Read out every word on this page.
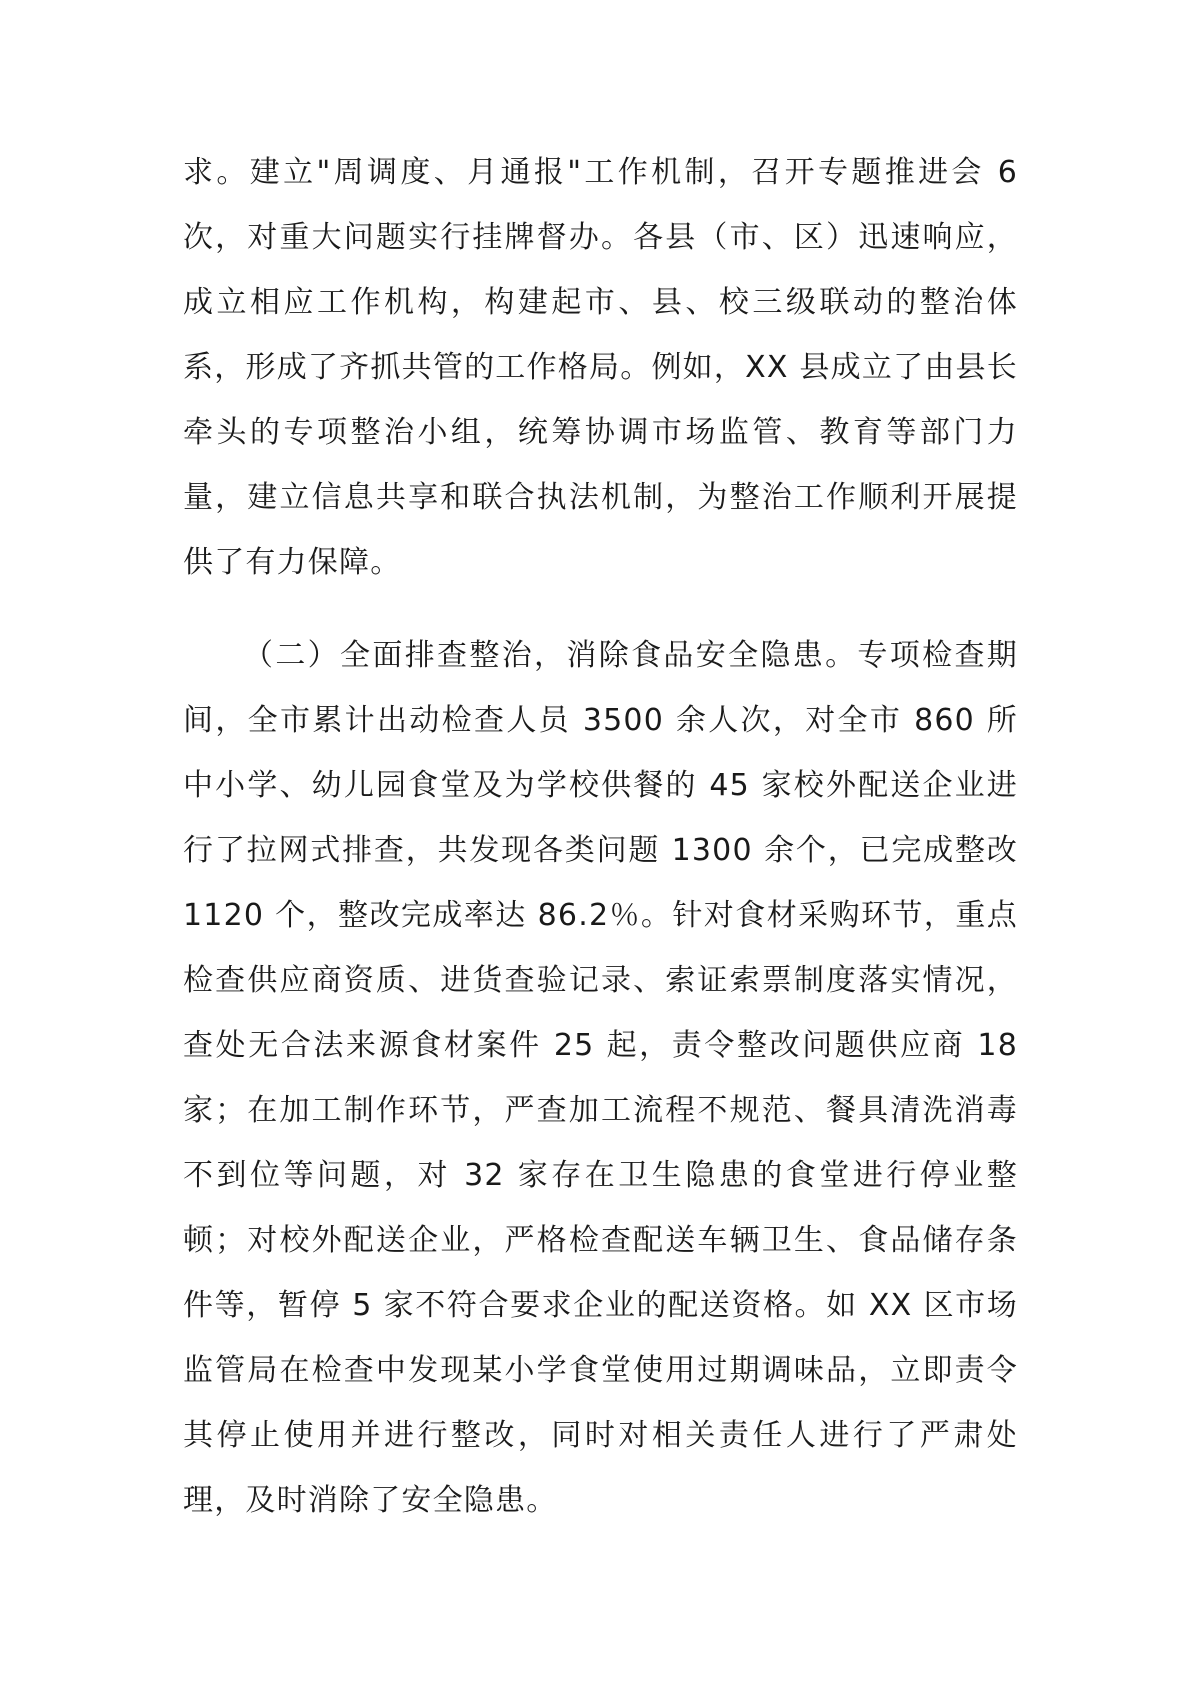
求。建立"周调度、月通报"工作机制，召开专题推进会 6 次，对重大问题实行挂牌督办。各县（市、区）迅速响应，成立相应工作机构，构建起市、县、校三级联动的整治体系，形成了齐抓共管的工作格局。例如，XX 县成立了由县长牵头的专项整治小组，统筹协调市场监管、教育等部门力量，建立信息共享和联合执法机制，为整治工作顺利开展提供了有力保障。

（二）全面排查整治，消除食品安全隐患。专项检查期间，全市累计出动检查人员 3500 余人次，对全市 860 所中小学、幼儿园食堂及为学校供餐的 45 家校外配送企业进行了拉网式排查，共发现各类问题 1300 余个，已完成整改 1120 个，整改完成率达 86.2％。针对食材采购环节，重点检查供应商资质、进货查验记录、索证索票制度落实情况，查处无合法来源食材案件 25 起，责令整改问题供应商 18 家；在加工制作环节，严查加工流程不规范、餐具清洗消毒不到位等问题，对 32 家存在卫生隐患的食堂进行停业整顿；对校外配送企业，严格检查配送车辆卫生、食品储存条件等，暂停 5 家不符合要求企业的配送资格。如 XX 区市场监管局在检查中发现某小学食堂使用过期调味品，立即责令其停止使用并进行整改，同时对相关责任人进行了严肃处理，及时消除了安全隐患。
